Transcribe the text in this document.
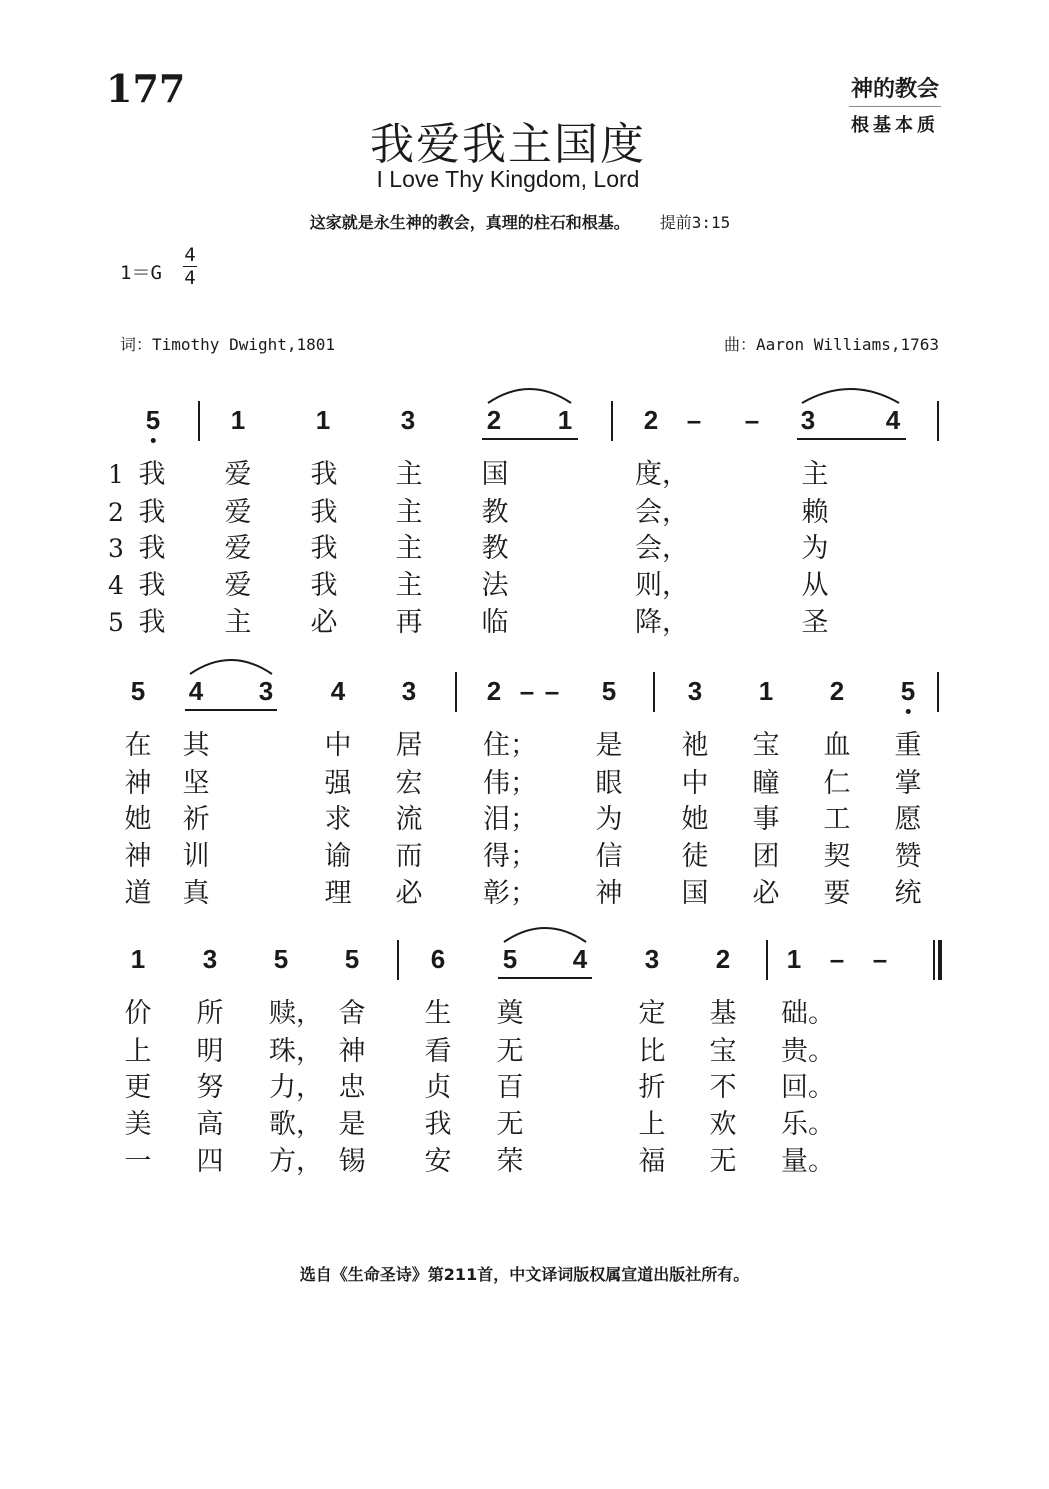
177	神的教会
根基本质
我爱我主国度
I Love Thy Kingdom, Lord
这家就是永生神的教会，真理的柱石和根基。 提前3:15
1＝G
4
4
词：Timothy Dwight,1801	曲：Aaron Williams,1763
5	1	1	3	2 1	2 – – 3	4
1 我 爱 我 主 国	度，	主
2 我 爱 我 主 教	会，	赖
3 我 爱 我 主 教	会，	为
4 我 爱 我 主 法	则，	从
5 我 主 必 再 临	降，	圣
5 4 3 4 3	2 – – 5	3 1 2 5
在 其	中 居 住； 是 祂 宝 血 重
神 坚	强 宏 伟； 眼 中 瞳 仁 掌
她 祈	求 流 泪； 为 她 事 工 愿
神 训	谕 而 得； 信 徒 团 契 赞
道 真	理 必 彰； 神 国 必 要 统
1 3 5 5	6 5 4 3 2 1 – –
价 所 赎， 舍 生 奠	定 基 础。
上 明 珠， 神 看 无	比 宝 贵。
更 努 力， 忠 贞 百	折 不 回。
美 高 歌， 是 我 无	上 欢 乐。
一 四 方， 锡 安 荣	福 无 量。
选自《生命圣诗》第211首，中文译词版权属宣道出版社所有。
